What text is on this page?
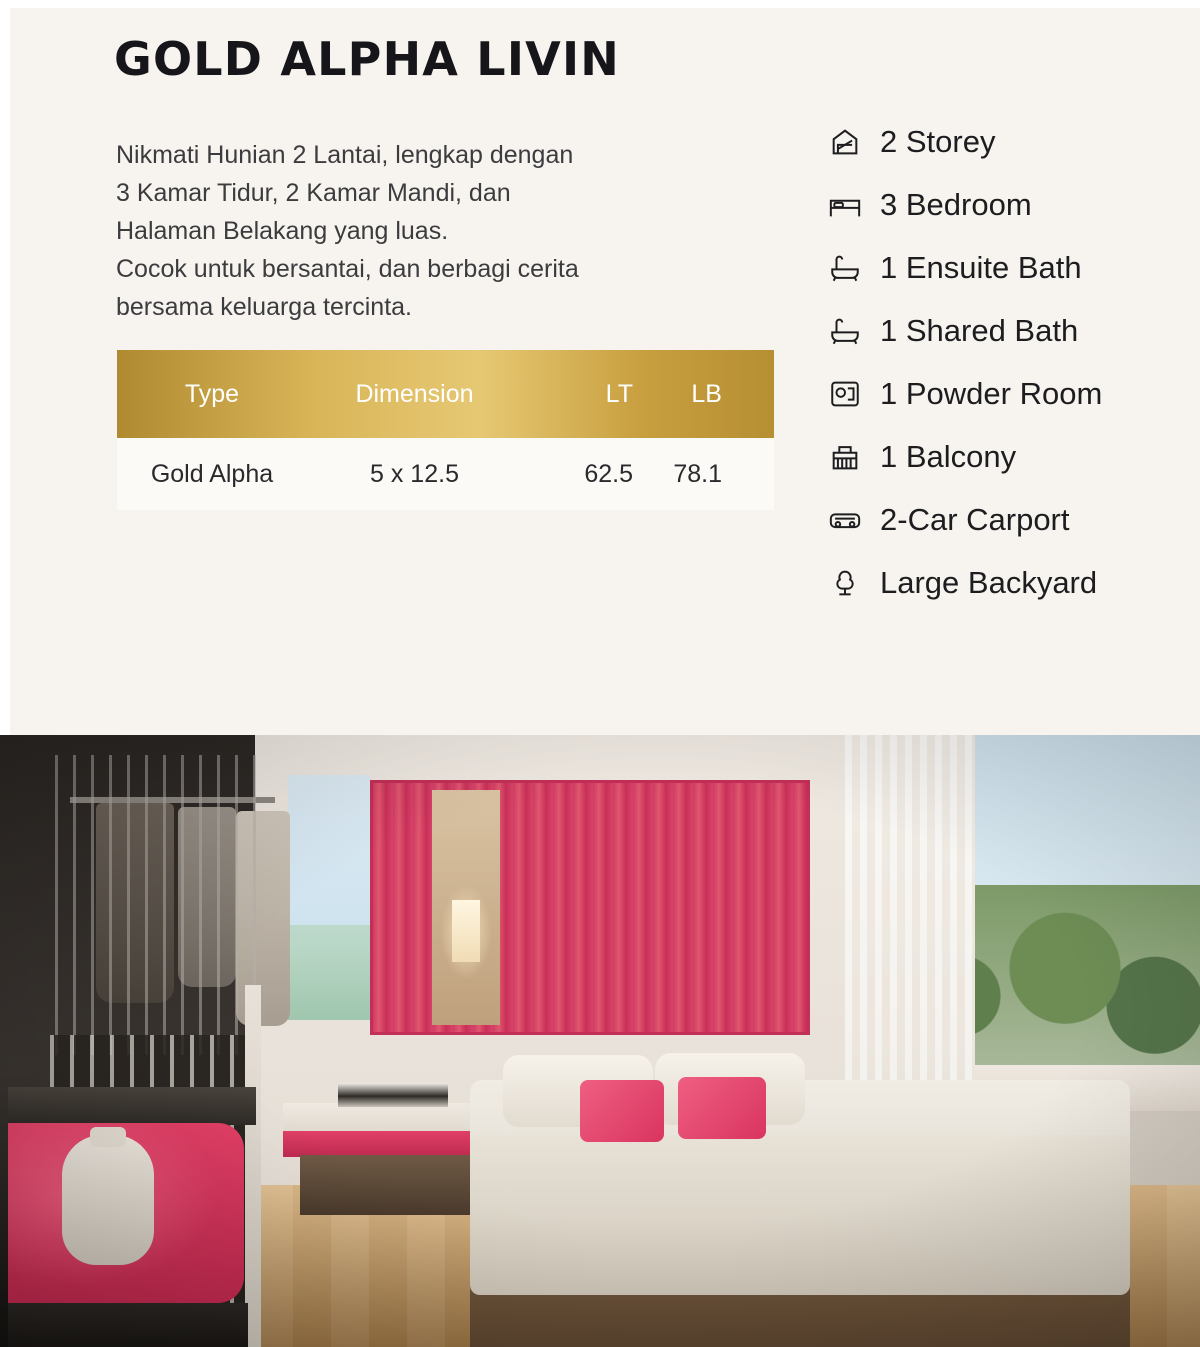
GOLD ALPHA LIVIN
Nikmati Hunian 2 Lantai, lengkap dengan
3 Kamar Tidur, 2 Kamar Mandi, dan
Halaman Belakang yang luas.
Cocok untuk bersantai, dan berbagi cerita
bersama keluarga tercinta.
Type	Dimension	LT	LB
Gold Alpha	5 x 12.5	62.5	78.1
2 Storey
3 Bedroom
1 Ensuite Bath
1 Shared Bath
1 Powder Room
1 Balcony
2-Car Carport
Large Backyard
